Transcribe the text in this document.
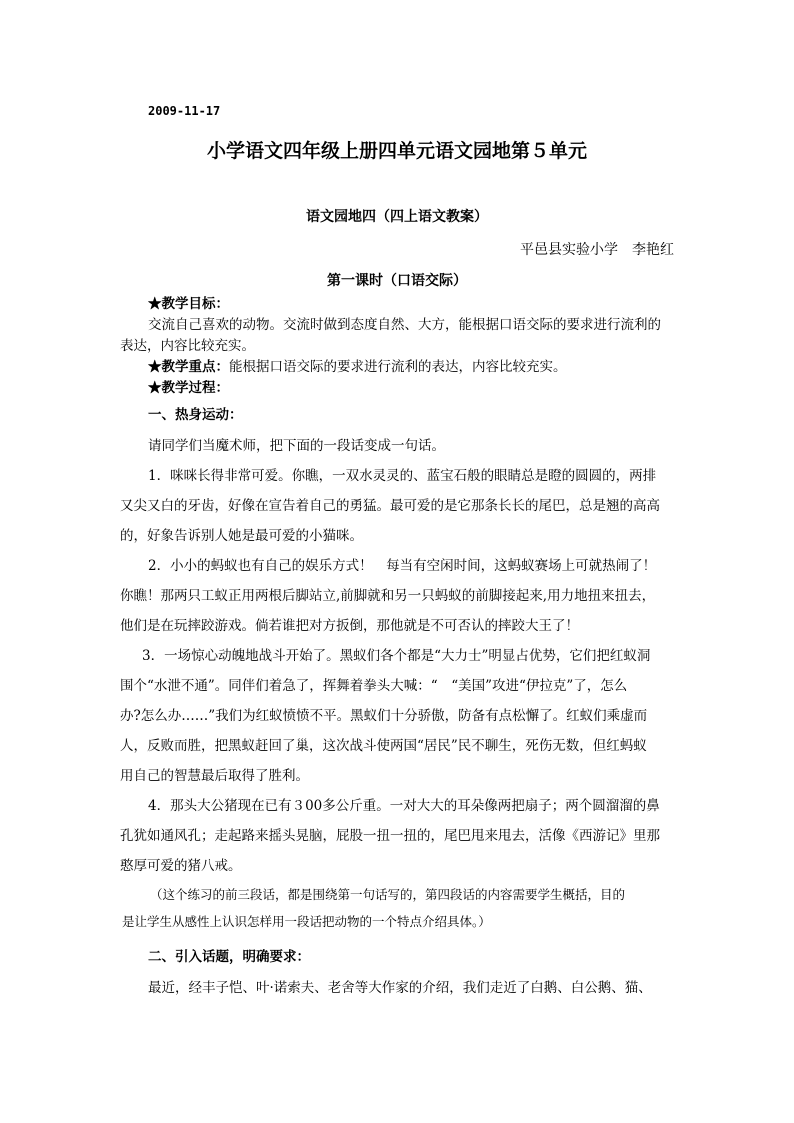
2009-11-17
小学语文四年级上册四单元语文园地第５单元
语文园地四（四上语文教案）
平邑县实验小学　李艳红
第一课时（口语交际）
★教学目标：
交流自己喜欢的动物。交流时做到态度自然、大方，能根据口语交际的要求进行流利的
表达，内容比较充实。
★教学重点：能根据口语交际的要求进行流利的表达，内容比较充实。
★教学过程：
一、热身运动：
请同学们当魔术师，把下面的一段话变成一句话。
1．咪咪长得非常可爱。你瞧，一双水灵灵的、蓝宝石般的眼睛总是瞪的圆圆的，两排
又尖又白的牙齿，好像在宣告着自己的勇猛。最可爱的是它那条长长的尾巴，总是翘的高高
的，好象告诉别人她是最可爱的小猫咪。
2．小小的蚂蚁也有自己的娱乐方式！　每当有空闲时间，这蚂蚁赛场上可就热闹了！
你瞧！那两只工蚁正用两根后脚站立,前脚就和另一只蚂蚁的前脚接起来,用力地扭来扭去，
他们是在玩摔跤游戏。倘若谁把对方扳倒，那他就是不可否认的摔跤大王了！
3．一场惊心动魄地战斗开始了。黑蚁们各个都是“大力士”明显占优势，它们把红蚁洞
围个“水泄不通”。同伴们着急了，挥舞着拳头大喊：“　“美国”攻进“伊拉克”了，怎么
办?怎么办……”我们为红蚁愤愤不平。黑蚁们十分骄傲，防备有点松懈了。红蚁们乘虚而
人，反败而胜，把黑蚁赶回了巢，这次战斗使两国“居民”民不聊生，死伤无数，但红蚂蚁
用自己的智慧最后取得了胜利。
4．那头大公猪现在已有３00多公斤重。一对大大的耳朵像两把扇子；两个圆溜溜的鼻
孔犹如通风孔；走起路来摇头晃脑，屁股一扭一扭的，尾巴甩来甩去，活像《西游记》里那
憨厚可爱的猪八戒。
（这个练习的前三段话，都是围绕第一句话写的，第四段话的内容需要学生概括，目的
是让学生从感性上认识怎样用一段话把动物的一个特点介绍具体。）
二、引入话题，明确要求：
最近，经丰子恺、叶·诺索夫、老舍等大作家的介绍，我们走近了白鹅、白公鹅、猫、
